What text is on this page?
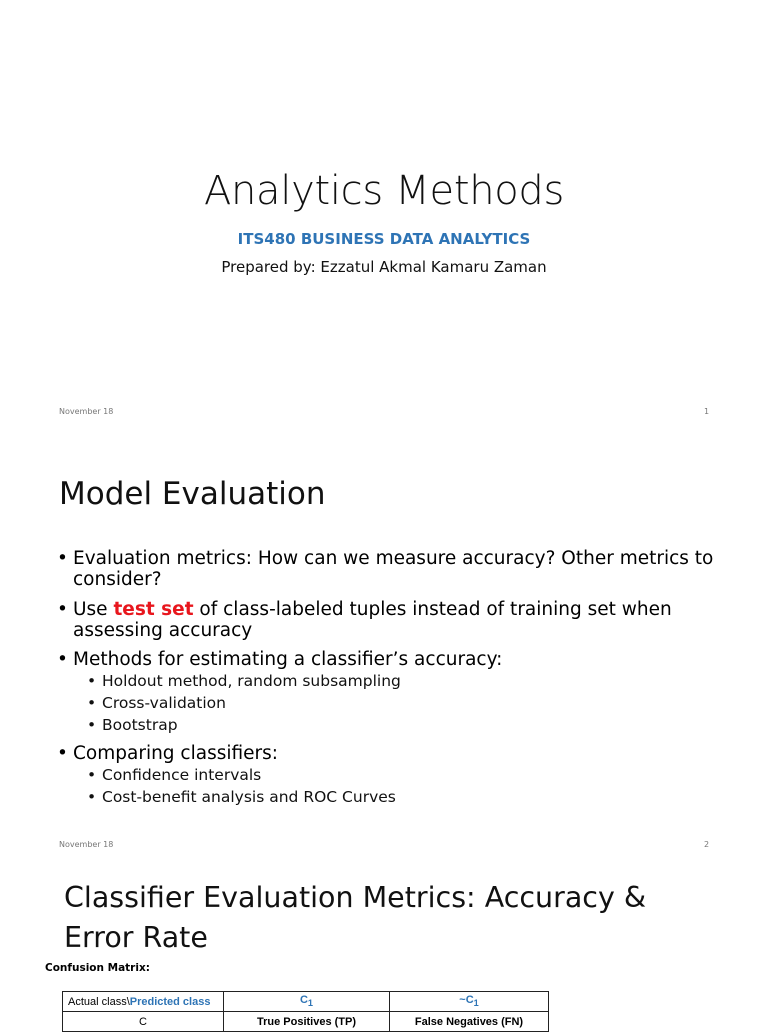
Analytics Methods
ITS480 BUSINESS DATA ANALYTICS
Prepared by: Ezzatul Akmal Kamaru Zaman
November 18	1
Model Evaluation
• Evaluation metrics: How can we measure accuracy? Other metrics to consider?
• Use test set of class-labeled tuples instead of training set when assessing accuracy
• Methods for estimating a classifier’s accuracy:
• Holdout method, random subsampling
• Cross-validation
• Bootstrap
• Comparing classifiers:
• Confidence intervals
• Cost-benefit analysis and ROC Curves
November 18	2
Classifier Evaluation Metrics: Accuracy & Error Rate
Confusion Matrix:
Actual class\Predicted class	$C_1$	$\sim C_1$
C	True Positives (TP)	False Negatives (FN)
